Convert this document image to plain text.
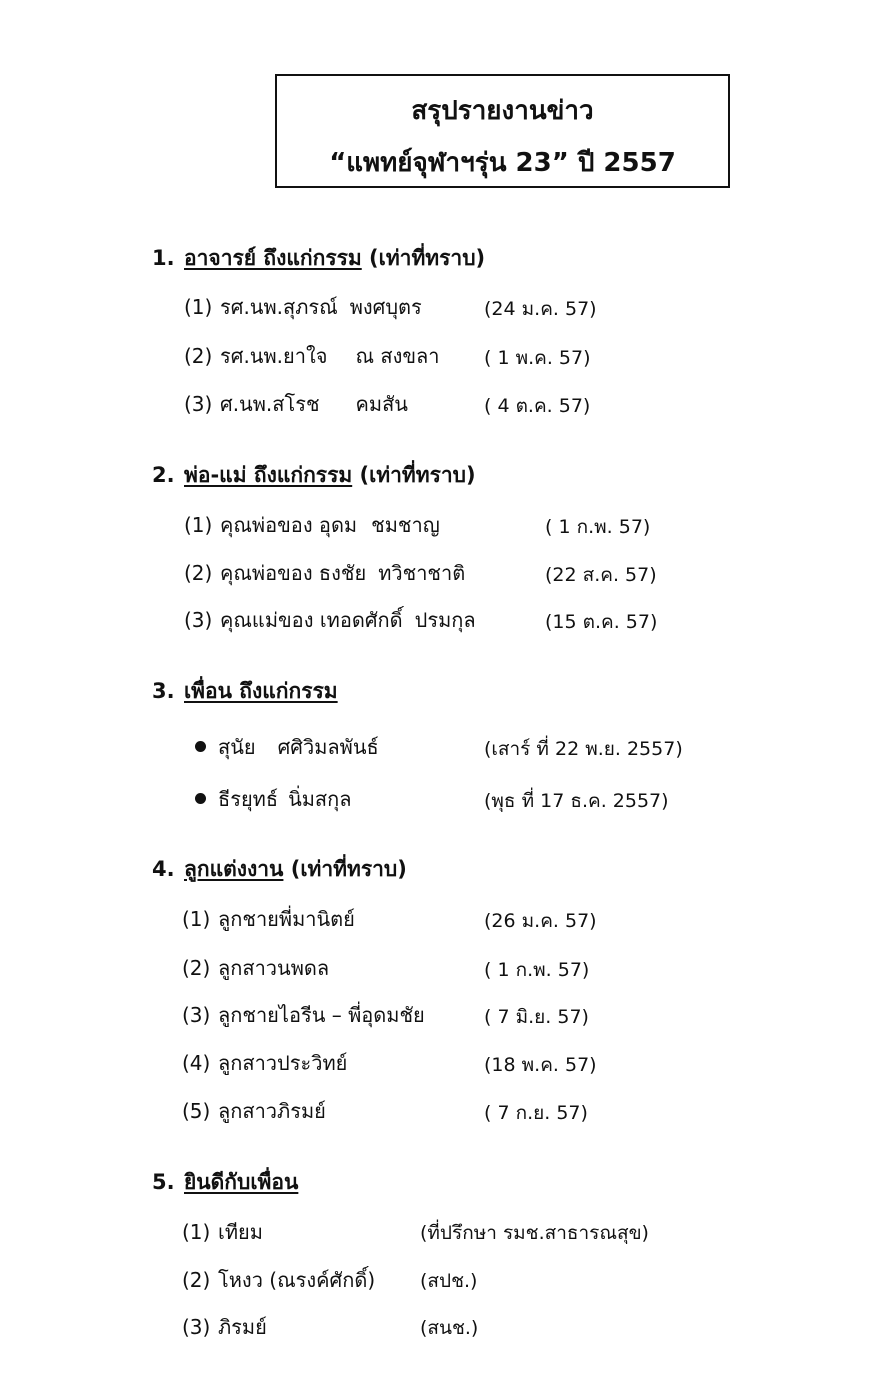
สรุปรายงานข่าว
“แพทย์จุฬาฯรุ่น 23” ปี 2557
1. อาจารย์ ถึงแก่กรรม (เท่าที่ทราบ)
(1) รศ.นพ.สุภรณ์ พงศบุตร	(24 ม.ค. 57)
(2) รศ.นพ.ยาใจ ณ สงขลา ( 1 พ.ค. 57)
(3) ศ.นพ.สโรช คมสัน	( 4 ต.ค. 57)
2. พ่อ-แม่ ถึงแก่กรรม (เท่าที่ทราบ)
(1) คุณพ่อของ อุดม ชมชาญ	( 1 ก.พ. 57)
(2) คุณพ่อของ ธงชัย ทวิชาชาติ	(22 ส.ค. 57)
(3) คุณแม่ของ เทอดศักดิ์ ปรมกุล	(15 ต.ค. 57)
3. เพื่อน ถึงแก่กรรม
สุนัย ศศิวิมลพันธ์	(เสาร์ ที่ 22 พ.ย. 2557)
ธีรยุทธ์ นิ่มสกุล	(พุธ ที่ 17 ธ.ค. 2557)
4. ลูกแต่งงาน (เท่าที่ทราบ)
(1) ลูกชายพี่มานิตย์	(26 ม.ค. 57)
(2) ลูกสาวนพดล	( 1 ก.พ. 57)
(3) ลูกชายไอรีน – พี่อุดมชัย	( 7 มิ.ย. 57)
(4) ลูกสาวประวิทย์	(18 พ.ค. 57)
(5) ลูกสาวภิรมย์	( 7 ก.ย. 57)
5. ยินดีกับเพื่อน
(1) เทียม	(ที่ปรึกษา รมช.สาธารณสุข)
(2) โหงว (ณรงค์ศักดิ์) (สปช.)
(3) ภิรมย์	(สนช.)
